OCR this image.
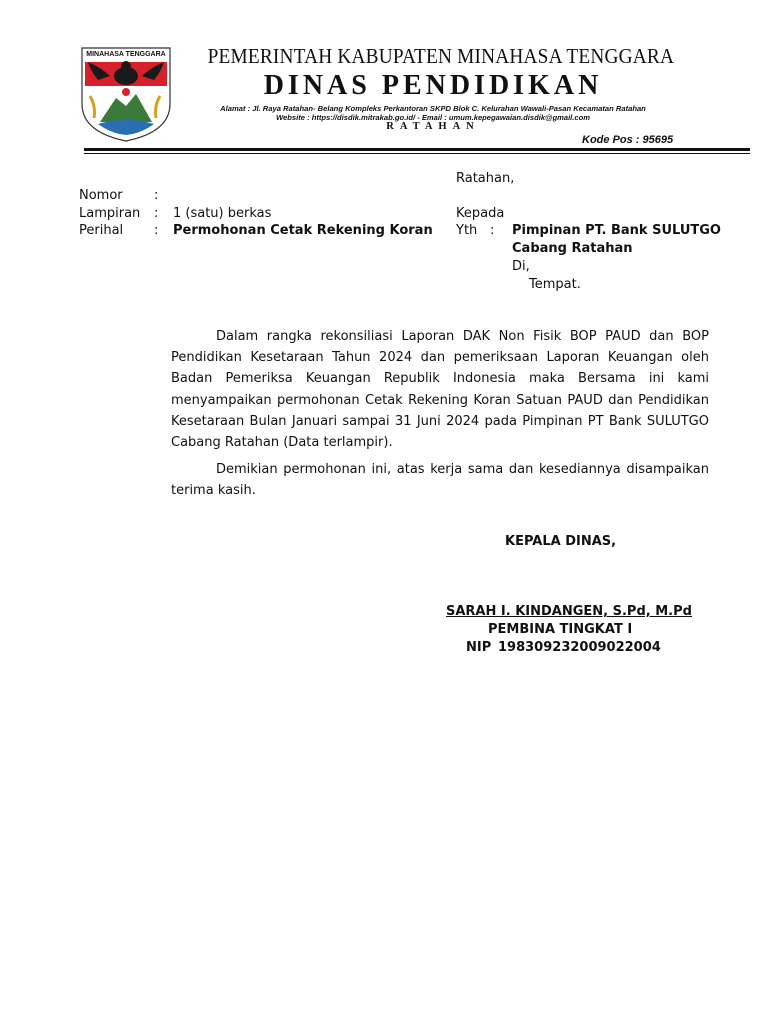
MINAHASA TENGGARA PEMERINTAH KABUPATEN MINAHASA TENGGARA
DINAS PENDIDIKAN
Alamat : Jl. Raya Ratahan- Belang Kompleks Perkantoran SKPD Blok C. Kelurahan Wawali-Pasan Kecamatan Ratahan
Website : https://disdik.mitrakab.go.id/ - Email : umum.kepegawaian.disdik@gmail.com
RATAHAN
Kode Pos : 95695
Ratahan,
Nomor :
Lampiran : 1 (satu) berkas
Perihal : Permohonan Cetak Rekening Koran
Kepada
Yth : Pimpinan PT. Bank SULUTGO
Cabang Ratahan
Di,
Tempat.
Dalam rangka rekonsiliasi Laporan DAK Non Fisik BOP PAUD dan BOP Pendidikan Kesetaraan Tahun 2024 dan pemeriksaan Laporan Keuangan oleh Badan Pemeriksa Keuangan Republik Indonesia maka Bersama ini kami menyampaikan permohonan Cetak Rekening Koran Satuan PAUD dan Pendidikan Kesetaraan Bulan Januari sampai 31 Juni 2024 pada Pimpinan PT Bank SULUTGO Cabang Ratahan (Data terlampir).
Demikian permohonan ini, atas kerja sama dan kesediannya disampaikan terima kasih.
KEPALA DINAS,
SARAH I. KINDANGEN, S.Pd, M.Pd
PEMBINA TINGKAT I
NIP 198309232009022004
